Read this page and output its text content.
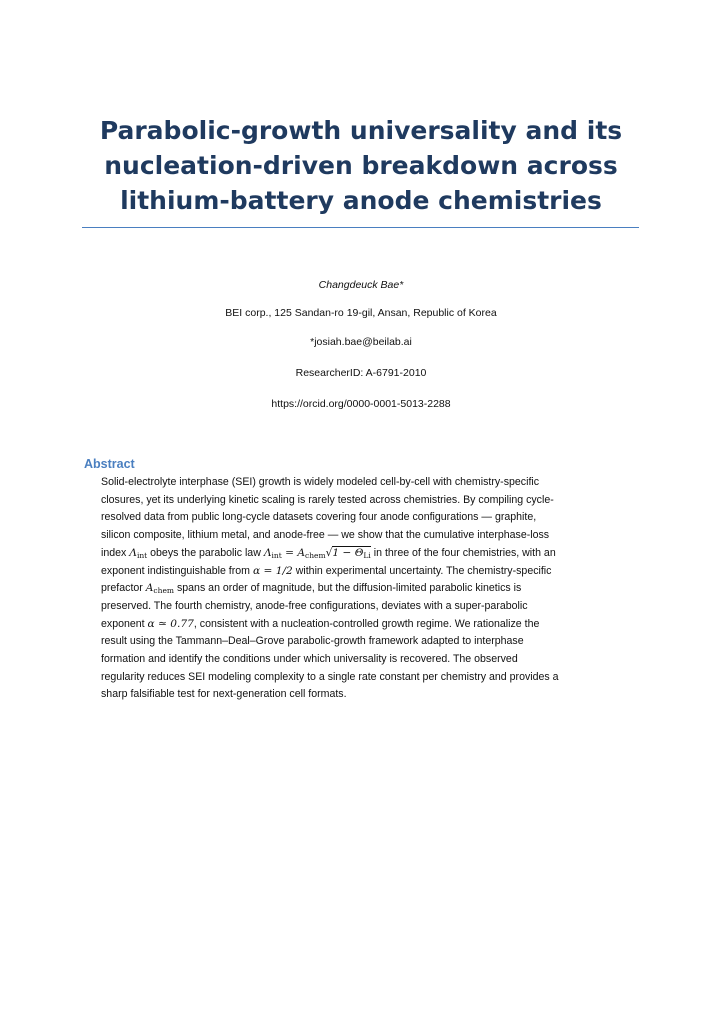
Parabolic-growth universality and its nucleation-driven breakdown across lithium-battery anode chemistries
Changdeuck Bae*
BEI corp., 125 Sandan-ro 19-gil, Ansan, Republic of Korea
*josiah.bae@beilab.ai
ResearcherID: A-6791-2010
https://orcid.org/0000-0001-5013-2288
Abstract
Solid-electrolyte interphase (SEI) growth is widely modeled cell-by-cell with chemistry-specific
closures, yet its underlying kinetic scaling is rarely tested across chemistries. By compiling cycle-
resolved data from public long-cycle datasets covering four anode configurations — graphite,
silicon composite, lithium metal, and anode-free — we show that the cumulative interphase-loss
index Λint obeys the parabolic law Λint = Achem√1 − ΘLi in three of the four chemistries, with an
exponent indistinguishable from α = 1/2 within experimental uncertainty. The chemistry-specific
prefactor Achem spans an order of magnitude, but the diffusion-limited parabolic kinetics is
preserved. The fourth chemistry, anode-free configurations, deviates with a super-parabolic
exponent α ≃ 0.77, consistent with a nucleation-controlled growth regime. We rationalize the
result using the Tammann–Deal–Grove parabolic-growth framework adapted to interphase
formation and identify the conditions under which universality is recovered. The observed
regularity reduces SEI modeling complexity to a single rate constant per chemistry and provides a
sharp falsifiable test for next-generation cell formats.
